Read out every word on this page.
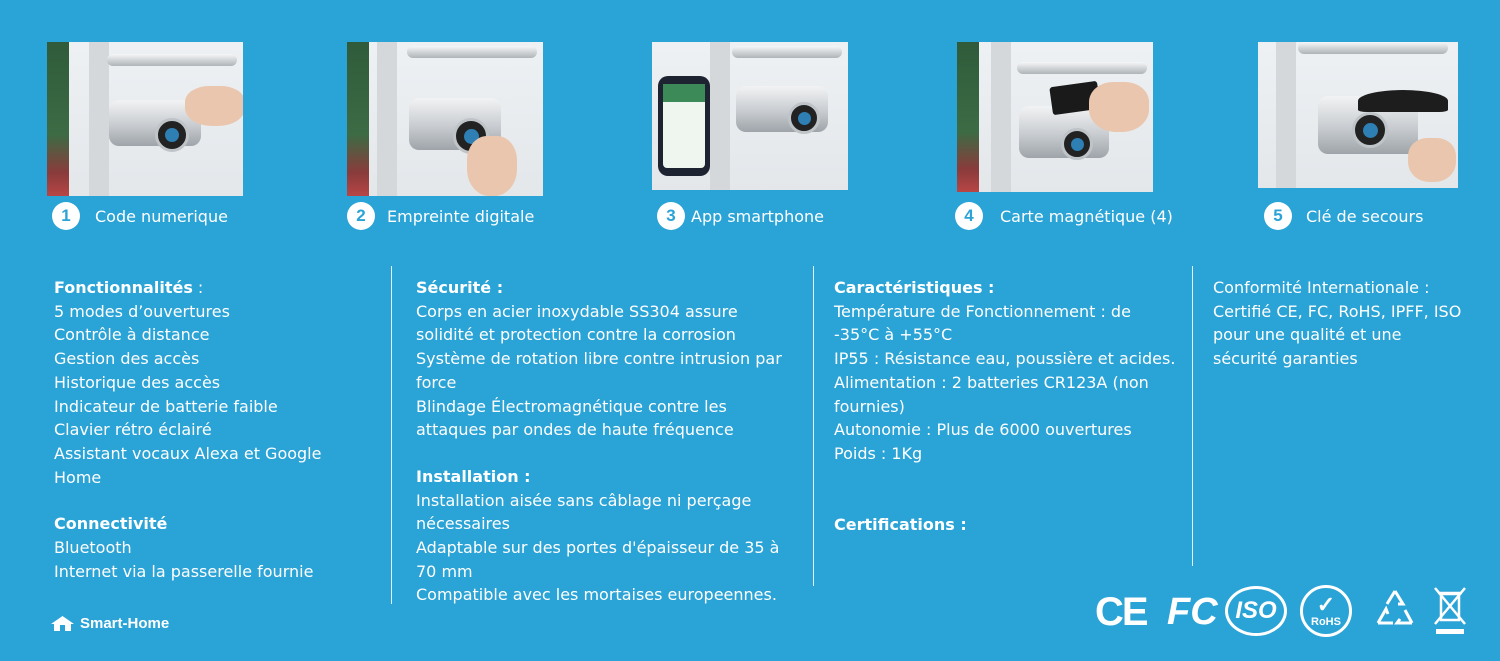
1	Code numerique	2	Empreinte digitale	3 App smartphone	4	Carte magnétique (4)	5	Clé de secours

Fonctionnalités :

5 modes d’ouvertures

Contrôle à distance

Gestion des accès

Historique des accès

Indicateur de batterie faible

Clavier rétro éclairé

Assistant vocaux Alexa et Google

Home

Connectivité

Bluetooth

Internet via la passerelle fournie

Sécurité :

Corps en acier inoxydable SS304 assure

solidité et protection contre la corrosion

Système de rotation libre contre intrusion par

force

Blindage Électromagnétique contre les

attaques par ondes de haute fréquence

Installation :

Installation aisée sans câblage ni perçage

nécessaires

Adaptable sur des portes d'épaisseur de 35 à

70 mm

Compatible avec les mortaises europeennes.

Caractéristiques :

Température de Fonctionnement : de

-35°C à +55°C

IP55 : Résistance eau, poussière et acides.

Alimentation : 2 batteries CR123A (non

fournies)

Autonomie : Plus de 6000 ouvertures

Poids : 1Kg

Certifications :

Conformité Internationale :

Certifié CE, FC, RoHS, IPFF, ISO

pour une qualité et une

sécurité garanties

Smart-Home	CE FC ISO	✓
RoHS
